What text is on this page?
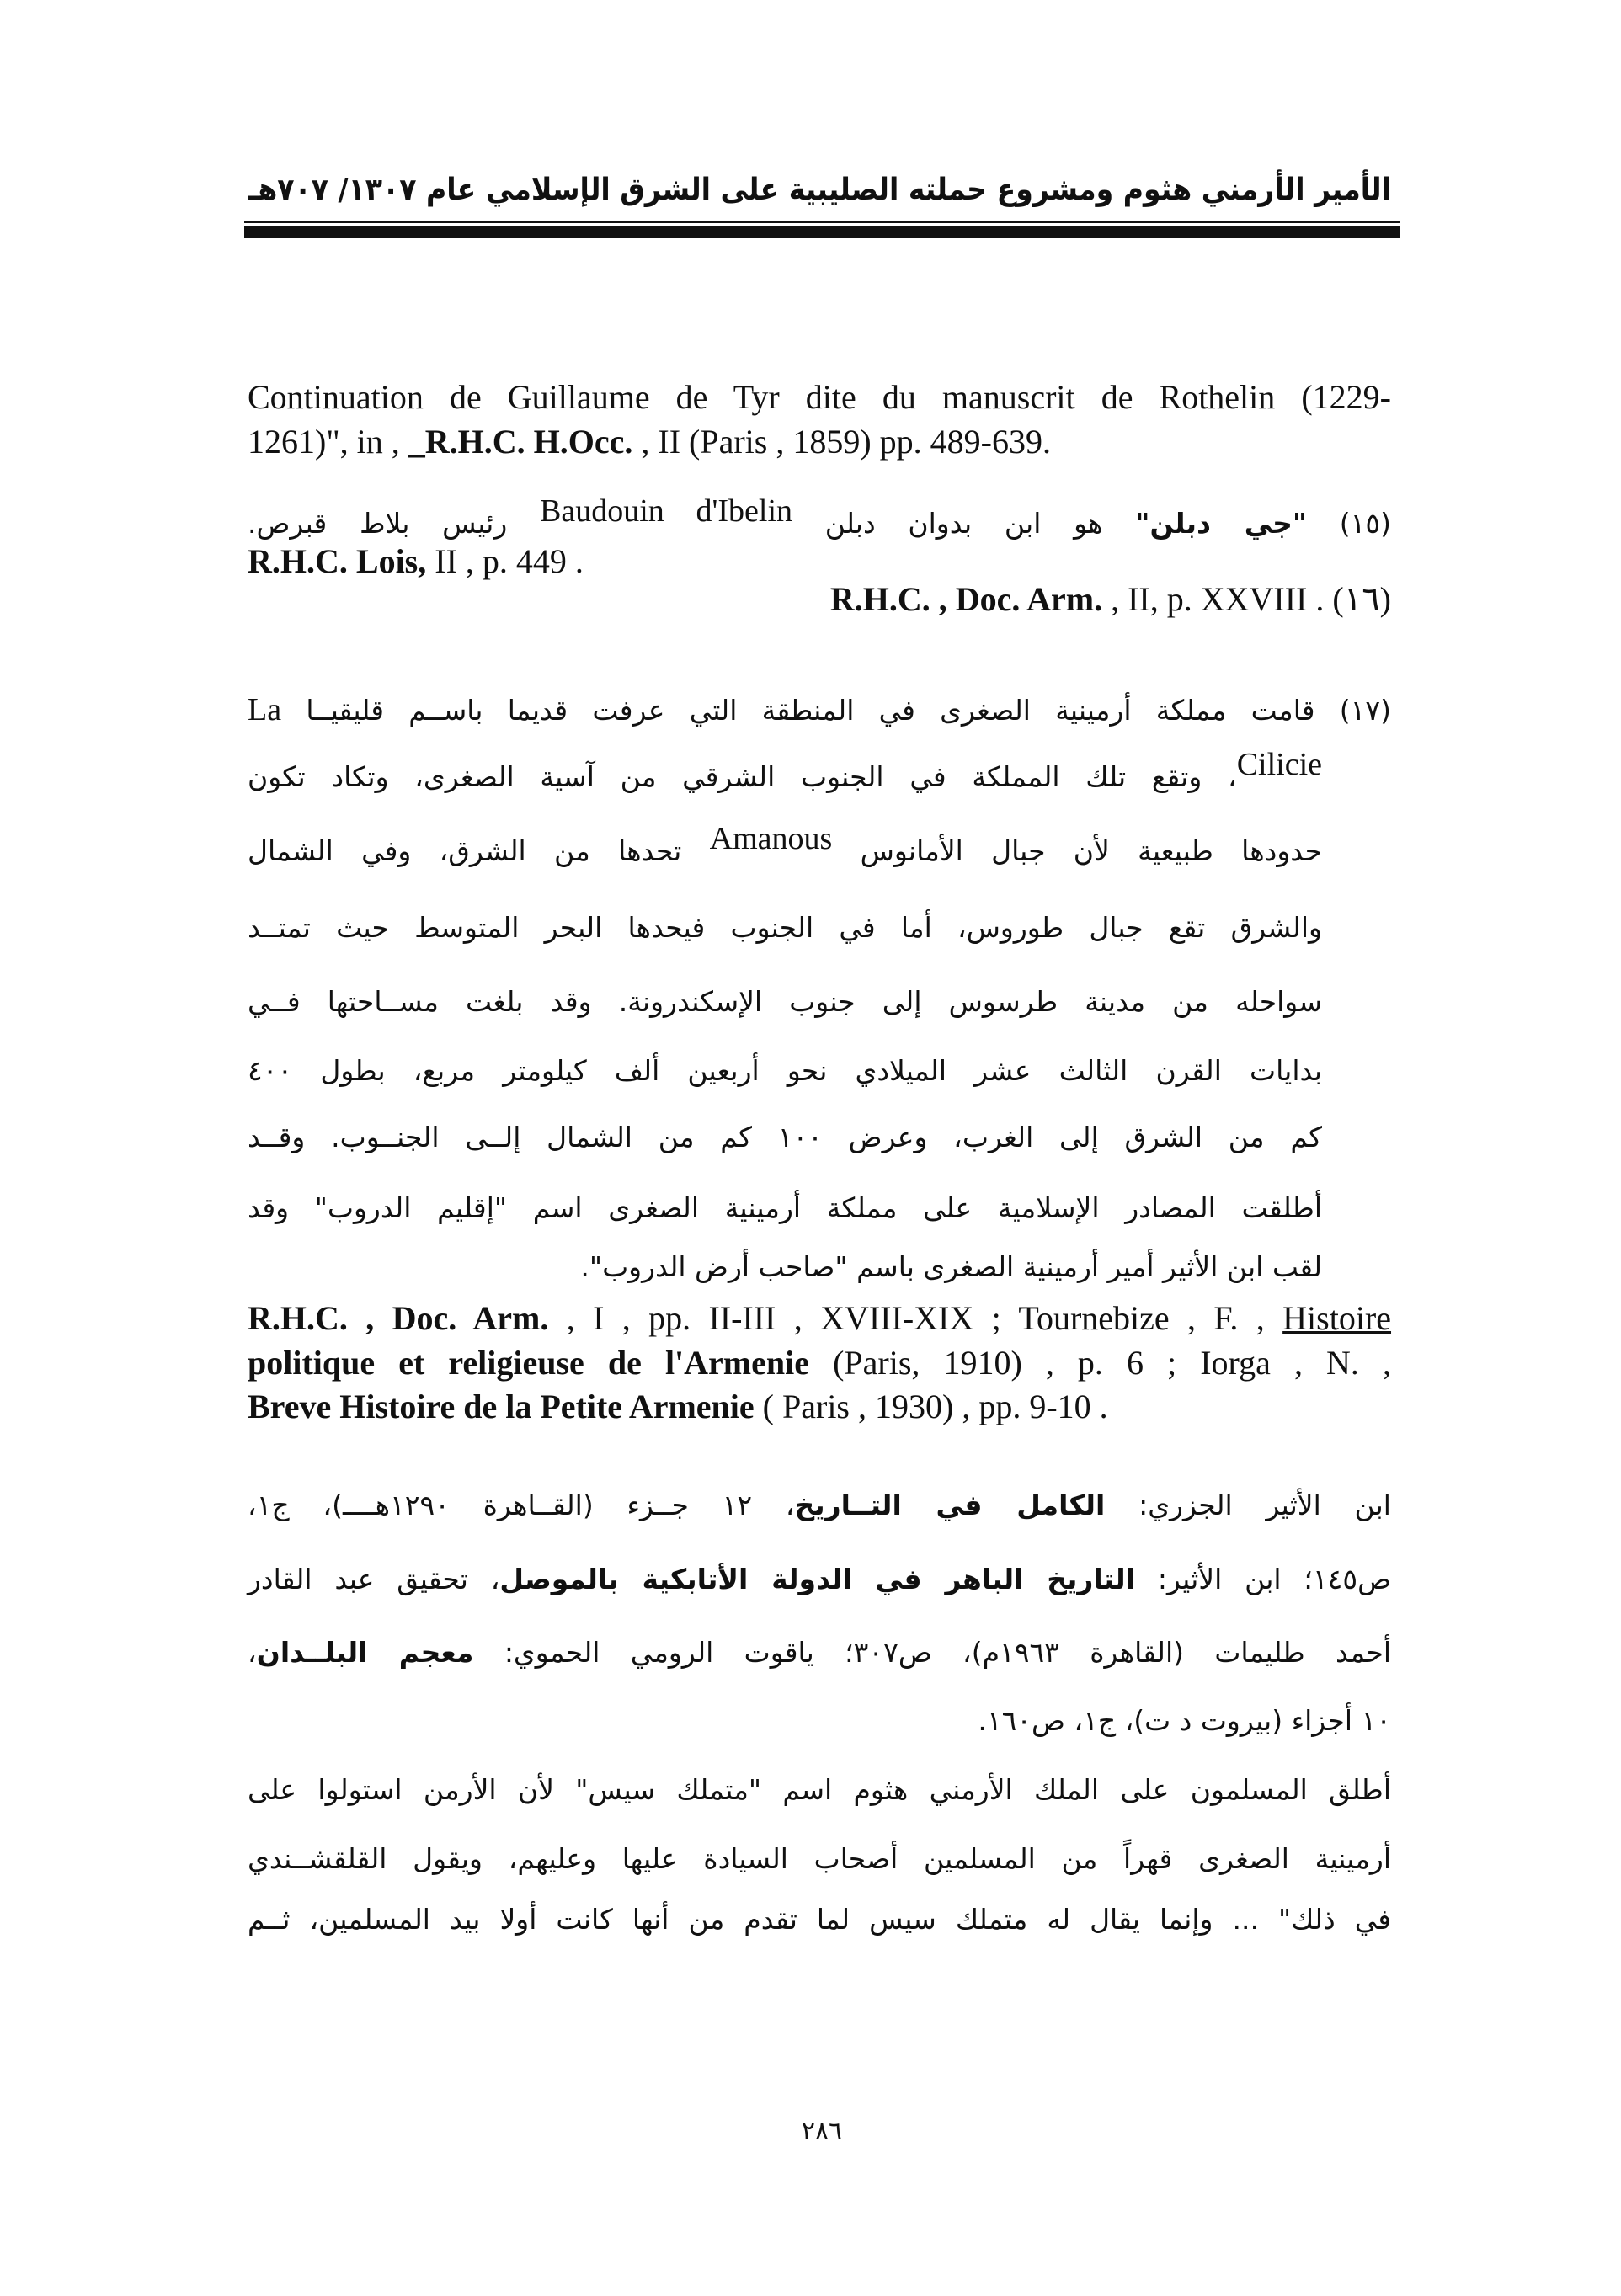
الأمير الأرمني هثوم ومشروع حملته الصليبية على الشرق الإسلامي عام ١٣٠٧/ ٧٠٧هـ
Continuation de Guillaume de Tyr dite du manuscrit de Rothelin (1229-
1261)", in , _R.H.C. H.Occ. , II (Paris , 1859) pp. 489-639.
(١٥) "جي دبلن" هو ابن بدوان دبلن Baudouin d'Ibelin رئيس بلاط قبرص.
R.H.C. Lois, II , p. 449 .
R.H.C. , Doc. Arm. , II, p. XXVIII . (١٦)
(١٧) قامت مملكة أرمينية الصغرى في المنطقة التي عرفت قديما باســم قليقيــا La
Cilicie، وتقع تلك المملكة في الجنوب الشرقي من آسية الصغرى، وتكاد تكون
حدودها طبيعية لأن جبال الأمانوس Amanous تحدها من الشرق، وفي الشمال
والشرق تقع جبال طوروس، أما في الجنوب فيحدها البحر المتوسط حيث تمتــد
سواحله من مدينة طرسوس إلى جنوب الإسكندرونة. وقد بلغت مســاحتها فــي
بدايات القرن الثالث عشر الميلادي نحو أربعين ألف كيلومتر مربع، بطول ٤٠٠
كم من الشرق إلى الغرب، وعرض ١٠٠ كم من الشمال إلــى الجنــوب. وقــد
أطلقت المصادر الإسلامية على مملكة أرمينية الصغرى اسم "إقليم الدروب" وقد
لقب ابن الأثير أمير أرمينية الصغرى باسم "صاحب أرض الدروب".
R.H.C. , Doc. Arm. , I , pp. II-III , XVIII-XIX ; Tournebize , F. , Histoire
politique et religieuse de l'Armenie (Paris, 1910) , p. 6 ; Iorga , N. ,
Breve Histoire de la Petite Armenie ( Paris , 1930) , pp. 9-10 .
ابن الأثير الجزري: الكامل في التــاريخ، ١٢ جــزء (القــاهرة ١٢٩٠هــــ)، ج١،
ص١٤٥؛ ابن الأثير: التاريخ الباهر في الدولة الأتابكية بالموصل، تحقيق عبد القادر
أحمد طليمات (القاهرة ١٩٦٣م)، ص٣٠٧؛ ياقوت الرومي الحموي: معجم البلــدان،
١٠ أجزاء (بيروت د ت)، ج١، ص١٦٠.
أطلق المسلمون على الملك الأرمني هثوم اسم "متملك سيس" لأن الأرمن استولوا على
أرمينية الصغرى قهراً من المسلمين أصحاب السيادة عليها وعليهم، ويقول القلقشــندي
في ذلك" ... وإنما يقال له متملك سيس لما تقدم من أنها كانت أولا بيد المسلمين، ثــم
٢٨٦
